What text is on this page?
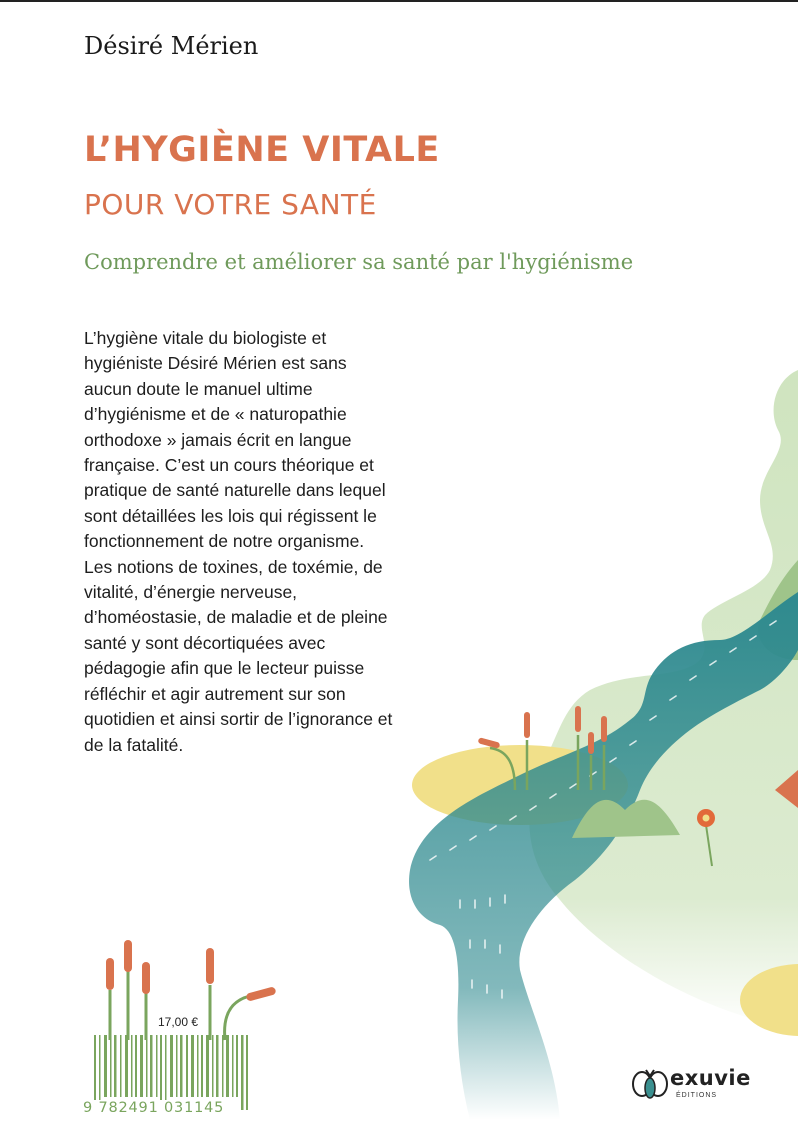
Désiré Mérien
L’HYGIÈNE VITALE
POUR VOTRE SANTÉ
Comprendre et améliorer sa santé par l'hygiénisme

L’hygiène vitale du biologiste et hygiéniste Désiré Mérien est sans aucun doute le manuel ultime d’hygiénisme et de « naturopathie orthodoxe » jamais écrit en langue française. C’est un cours théorique et pratique de santé naturelle dans lequel sont détaillées les lois qui régissent le fonctionnement de notre organisme. Les notions de toxines, de toxémie, de vitalité, d’énergie nerveuse, d’homéostasie, de maladie et de pleine santé y sont décortiquées avec pédagogie afin que le lecteur puisse réfléchir et agir autrement sur son quotidien et ainsi sortir de l’ignorance et de la fatalité.

17,00 €
9 782491 031145
exuvie
ÉDITIONS
